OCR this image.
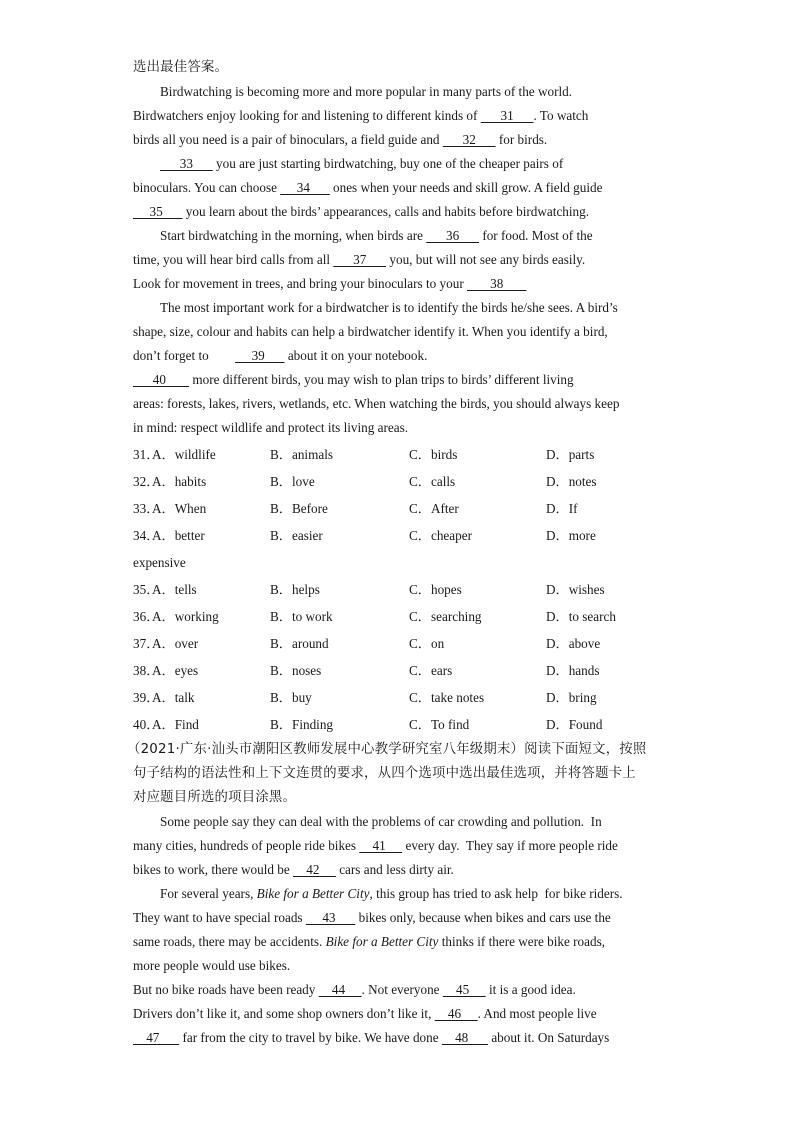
选出最佳答案。
Birdwatching is becoming more and more popular in many parts of the world.
Birdwatchers enjoy looking for and listening to different kinds of       31      . To watch
birds all you need is a pair of binoculars, a field guide and       32       for birds.
33       you are just starting birdwatching, buy one of the cheaper pairs of
binoculars. You can choose      34       ones when your needs and skill grow. A field guide
35       you learn about the birds’ appearances, calls and habits before birdwatching.
Start birdwatching in the morning, when birds are       36       for food. Most of the
time, you will hear bird calls from all       37       you, but will not see any birds easily.
Look for movement in trees, and bring your binoculars to your        38
The most important work for a birdwatcher is to identify the birds he/she sees. A bird’s
shape, size, colour and habits can help a birdwatcher identify it. When you identify a bird,
don’t forget to             39       about it on your notebook.
40        more different birds, you may wish to plan trips to birds’ different living
areas: forests, lakes, rivers, wetlands, etc. When watching the birds, you should always keep
in mind: respect wildlife and protect its living areas.
31．
A．wildlife	B．animals	C．birds	D．parts
32．
A．habits	B．love	C．calls	D．notes
33．
A．When	B．Before	C．After	D．If
34．
A．better	B．easier	C．cheaper	D．more
expensive
35．
A．tells	B．helps	C．hopes	D．wishes
36．
A．working	B．to work	C．searching	D．to search
37．
A．over	B．around	C．on	D．above
38．
A．eyes	B．noses	C．ears	D．hands
39．
A．talk	B．buy	C．take notes	D．bring
40．
A．Find	B．Finding	C．To find	D．Found
（2021·广东·汕头市潮阳区教师发展中心教学研究室八年级期末）阅读下面短文，按照
句子结构的语法性和上下文连贯的要求，从四个选项中选出最佳选项，并将答题卡上
对应题目所选的项目涂黑。
Some people say they can deal with the problems of car crowding and pollution.  In
many cities, hundreds of people ride bikes     41      every day.  They say if more people ride
bikes to work, there would be     42      cars and less dirty air.
For several years, Bike for a Better City, this group has tried to ask help  for bike riders.
They want to have special roads      43       bikes only, because when bikes and cars use the
same roads, there may be accidents. Bike for a Better City thinks if there were bike roads,
more people would use bikes.
But no bike roads have been ready     44     . Not everyone     45      it is a good idea.
Drivers don’t like it, and some shop owners don’t like it,     46     . And most people live
47       far from the city to travel by bike. We have done     48       about it. On Saturdays
